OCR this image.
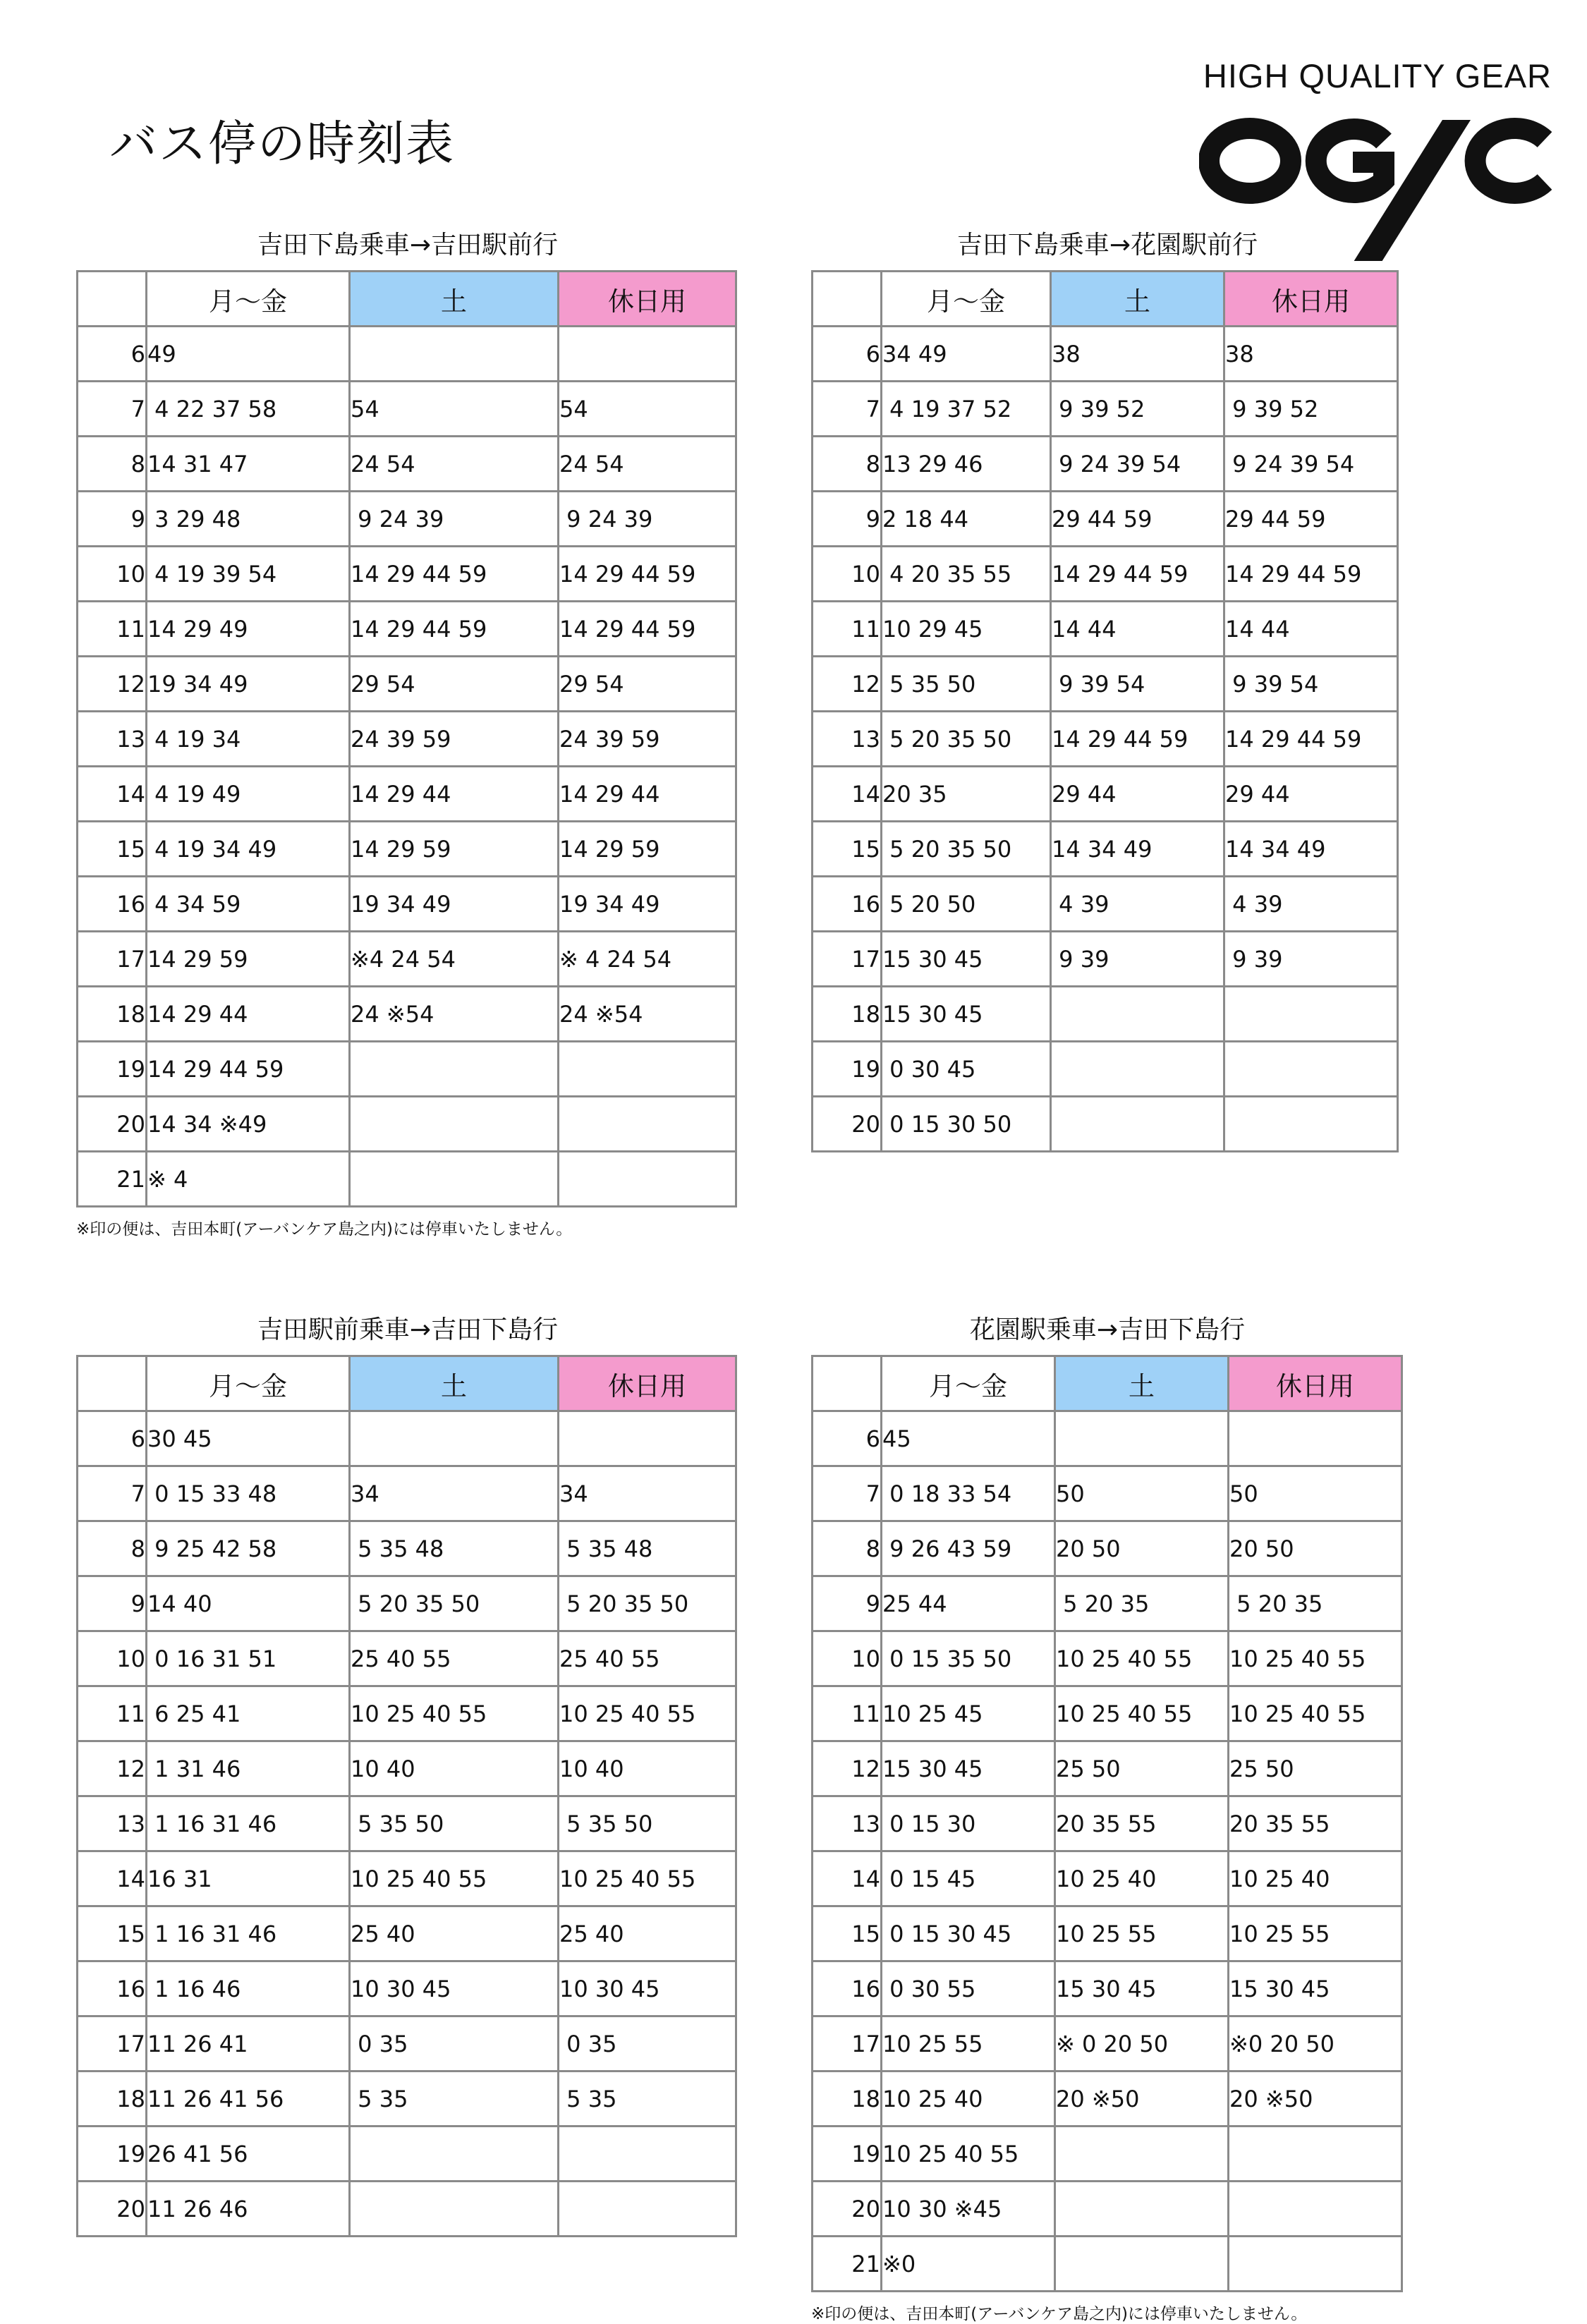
バス停の時刻表
HIGH QUALITY GEAR
吉田下島乗車→吉田駅前行
	月～金	土	休日用
6	49		
7	4 22 37 58	54	54
8	14 31 47	24 54	24 54
9	3 29 48	9 24 39	9 24 39
10	4 19 39 54	14 29 44 59	14 29 44 59
11	14 29 49	14 29 44 59	14 29 44 59
12	19 34 49	29 54	29 54
13	4 19 34	24 39 59	24 39 59
14	4 19 49	14 29 44	14 29 44
15	4 19 34 49	14 29 59	14 29 59
16	4 34 59	19 34 49	19 34 49
17	14 29 59	※4 24 54	※ 4 24 54
18	14 29 44	24 ※54	24 ※54
19	14 29 44 59		
20	14 34 ※49		
21	※ 4		
※印の便は、吉田本町(アーバンケア島之内)には停車いたしません。
吉田下島乗車→花園駅前行
	月～金	土	休日用
6	34 49	38	38
7	4 19 37 52	9 39 52	9 39 52
8	13 29 46	9 24 39 54	9 24 39 54
9	2 18 44	29 44 59	29 44 59
10	4 20 35 55	14 29 44 59	14 29 44 59
11	10 29 45	14 44	14 44
12	5 35 50	9 39 54	9 39 54
13	5 20 35 50	14 29 44 59	14 29 44 59
14	20 35	29 44	29 44
15	5 20 35 50	14 34 49	14 34 49
16	5 20 50	4 39	4 39
17	15 30 45	9 39	9 39
18	15 30 45		
19	0 30 45		
20	0 15 30 50		
吉田駅前乗車→吉田下島行
	月～金	土	休日用
6	30 45		
7	0 15 33 48	34	34
8	9 25 42 58	5 35 48	5 35 48
9	14 40	5 20 35 50	5 20 35 50
10	0 16 31 51	25 40 55	25 40 55
11	6 25 41	10 25 40 55	10 25 40 55
12	1 31 46	10 40	10 40
13	1 16 31 46	5 35 50	5 35 50
14	16 31	10 25 40 55	10 25 40 55
15	1 16 31 46	25 40	25 40
16	1 16 46	10 30 45	10 30 45
17	11 26 41	0 35	0 35
18	11 26 41 56	5 35	5 35
19	26 41 56		
20	11 26 46		
花園駅乗車→吉田下島行
	月～金	土	休日用
6	45		
7	0 18 33 54	50	50
8	9 26 43 59	20 50	20 50
9	25 44	5 20 35	5 20 35
10	0 15 35 50	10 25 40 55	10 25 40 55
11	10 25 45	10 25 40 55	10 25 40 55
12	15 30 45	25 50	25 50
13	0 15 30	20 35 55	20 35 55
14	0 15 45	10 25 40	10 25 40
15	0 15 30 45	10 25 55	10 25 55
16	0 30 55	15 30 45	15 30 45
17	10 25 55	※ 0 20 50	※0 20 50
18	10 25 40	20 ※50	20 ※50
19	10 25 40 55		
20	10 30 ※45		
21	※0		
※印の便は、吉田本町(アーバンケア島之内)には停車いたしません。
